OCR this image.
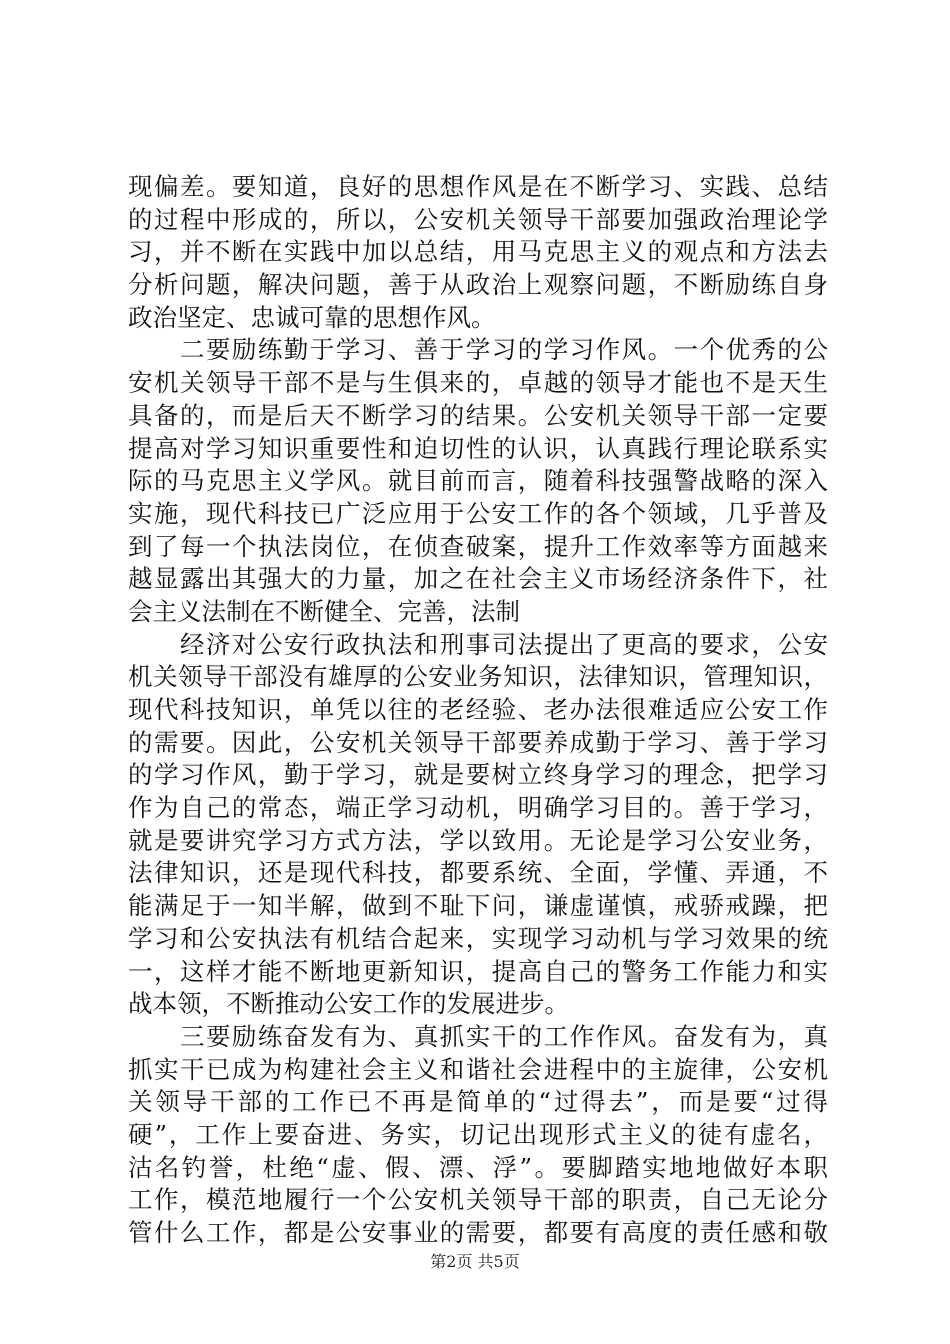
现偏差。要知道，良好的思想作风是在不断学习、实践、总结
的过程中形成的，所以，公安机关领导干部要加强政治理论学
习，并不断在实践中加以总结，用马克思主义的观点和方法去
分析问题，解决问题，善于从政治上观察问题，不断励练自身
政治坚定、忠诚可靠的思想作风。
　　二要励练勤于学习、善于学习的学习作风。一个优秀的公
安机关领导干部不是与生俱来的，卓越的领导才能也不是天生
具备的，而是后天不断学习的结果。公安机关领导干部一定要
提高对学习知识重要性和迫切性的认识，认真践行理论联系实
际的马克思主义学风。就目前而言，随着科技强警战略的深入
实施，现代科技已广泛应用于公安工作的各个领域，几乎普及
到了每一个执法岗位，在侦查破案，提升工作效率等方面越来
越显露出其强大的力量，加之在社会主义市场经济条件下，社
会主义法制在不断健全、完善，法制
　　经济对公安行政执法和刑事司法提出了更高的要求，公安
机关领导干部没有雄厚的公安业务知识，法律知识，管理知识，
现代科技知识，单凭以往的老经验、老办法很难适应公安工作
的需要。因此，公安机关领导干部要养成勤于学习、善于学习
的学习作风，勤于学习，就是要树立终身学习的理念，把学习
作为自己的常态，端正学习动机，明确学习目的。善于学习，
就是要讲究学习方式方法，学以致用。无论是学习公安业务，
法律知识，还是现代科技，都要系统、全面，学懂、弄通，不
能满足于一知半解，做到不耻下问，谦虚谨慎，戒骄戒躁，把
学习和公安执法有机结合起来，实现学习动机与学习效果的统
一，这样才能不断地更新知识，提高自己的警务工作能力和实
战本领，不断推动公安工作的发展进步。
　　三要励练奋发有为、真抓实干的工作作风。奋发有为，真
抓实干已成为构建社会主义和谐社会进程中的主旋律，公安机
关领导干部的工作已不再是简单的“过得去”，而是要“过得
硬”，工作上要奋进、务实，切记出现形式主义的徒有虚名，
沽名钓誉，杜绝“虚、假、漂、浮”。要脚踏实地地做好本职
工作，模范地履行一个公安机关领导干部的职责，自己无论分
管什么工作，都是公安事业的需要，都要有高度的责任感和敬
第2页 共5页
